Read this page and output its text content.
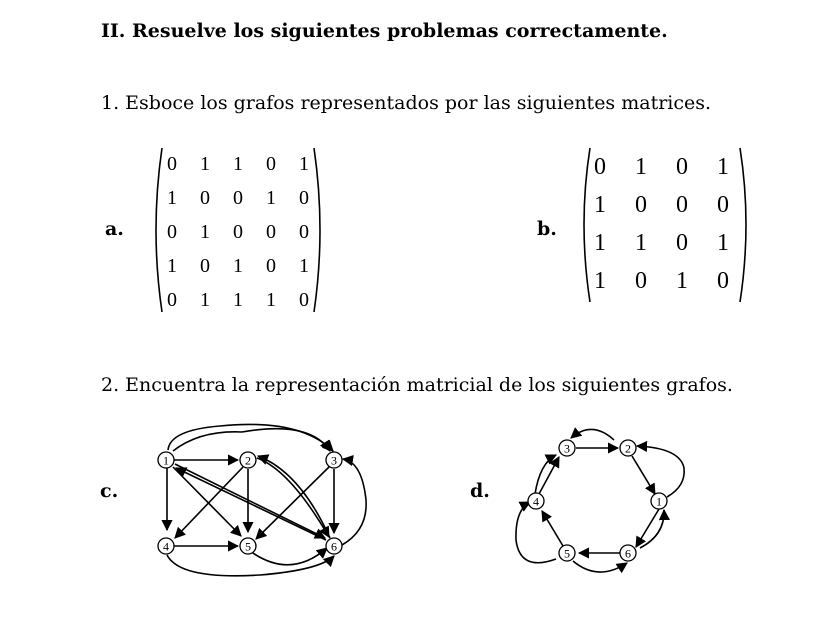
II. Resuelve los siguientes problemas correctamente.
1. Esboce los grafos representados por las siguientes matrices.
a.
0 1 1 0 1
1 0 0 1 0
0 1 0 0 0
1 0 1 0 1
0 1 1 1 0
b.
0 1 0 1
1 0 0 0
1 1 0 1
1 0 1 0
2. Encuentra la representación matricial de los siguientes grafos.
c.
1	2	3
4	5	6
d.	1
2
3
4
5	6
